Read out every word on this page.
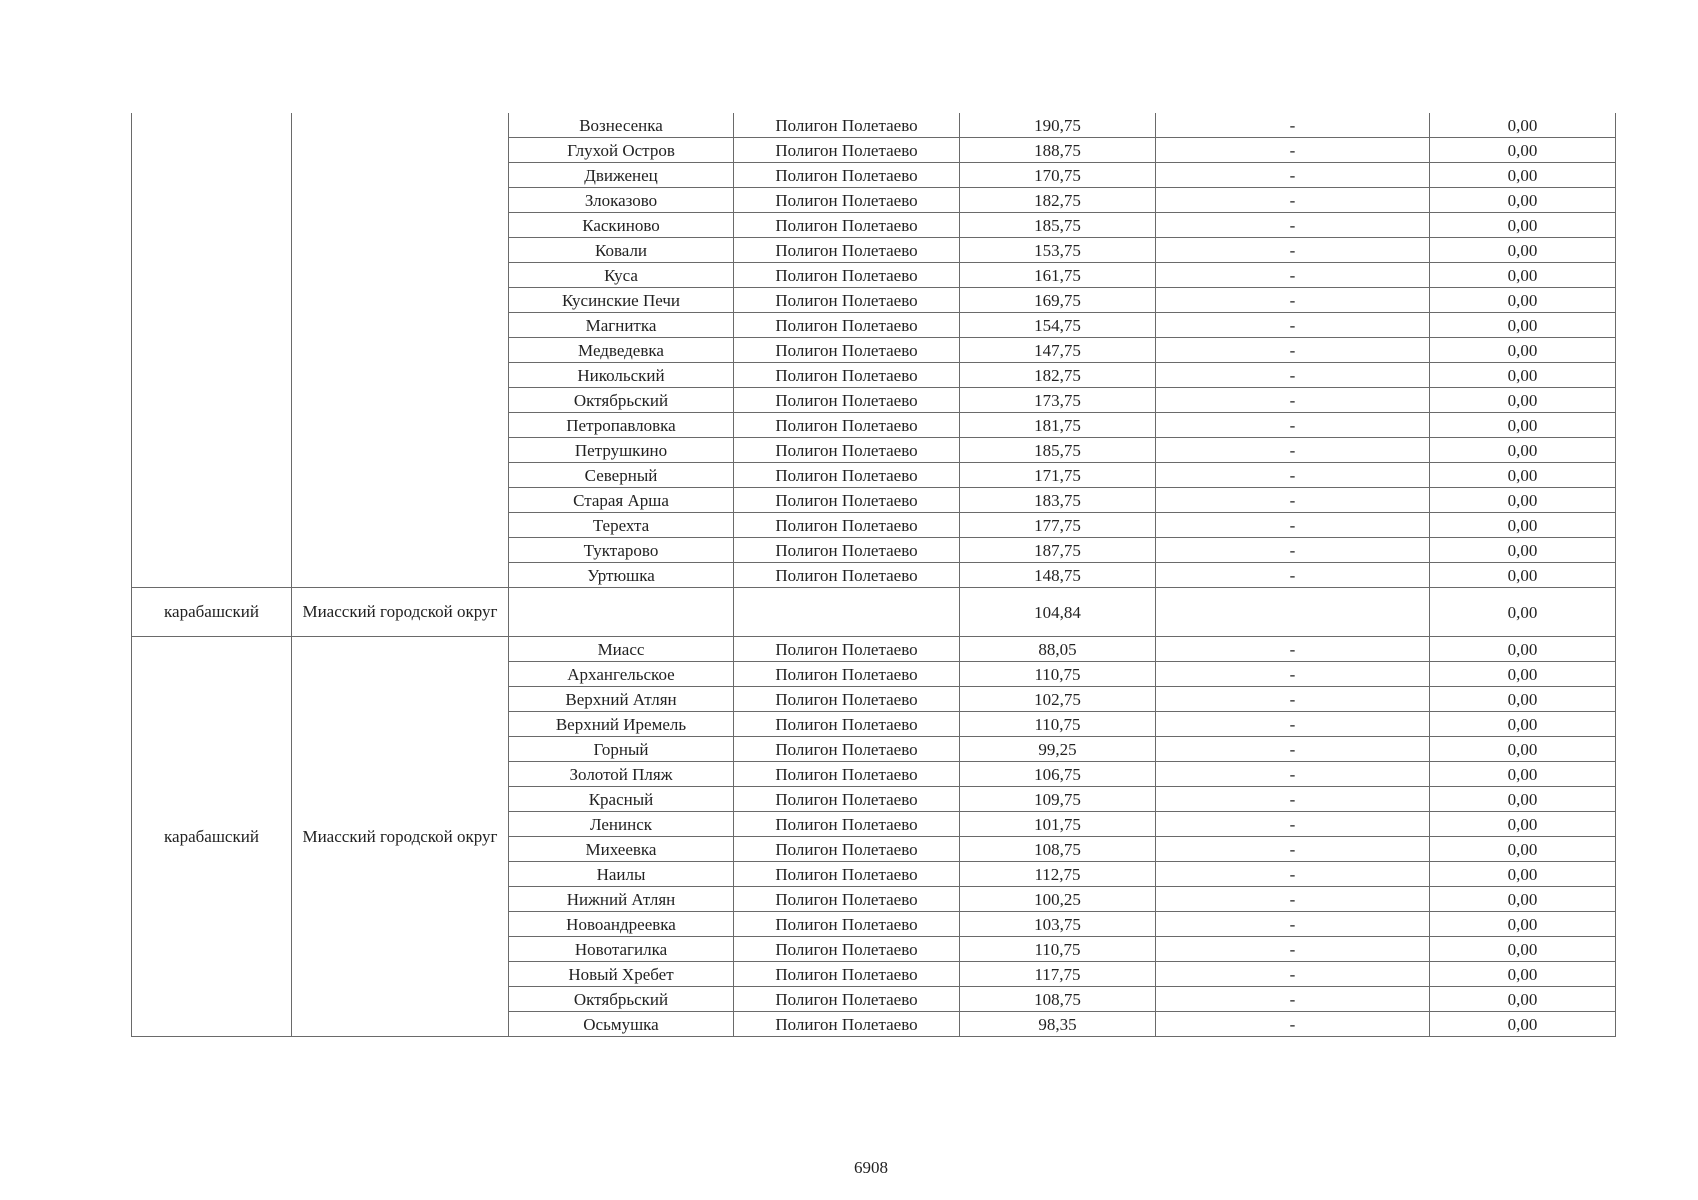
		Вознесенка	Полигон Полетаево	190,75	-	0,00
		Глухой Остров	Полигон Полетаево	188,75	-	0,00
		Движенец	Полигон Полетаево	170,75	-	0,00
		Злоказово	Полигон Полетаево	182,75	-	0,00
		Каскиново	Полигон Полетаево	185,75	-	0,00
		Ковали	Полигон Полетаево	153,75	-	0,00
		Куса	Полигон Полетаево	161,75	-	0,00
		Кусинские Печи	Полигон Полетаево	169,75	-	0,00
		Магнитка	Полигон Полетаево	154,75	-	0,00
		Медведевка	Полигон Полетаево	147,75	-	0,00
		Никольский	Полигон Полетаево	182,75	-	0,00
		Октябрьский	Полигон Полетаево	173,75	-	0,00
		Петропавловка	Полигон Полетаево	181,75	-	0,00
		Петрушкино	Полигон Полетаево	185,75	-	0,00
		Северный	Полигон Полетаево	171,75	-	0,00
		Старая Арша	Полигон Полетаево	183,75	-	0,00
		Терехта	Полигон Полетаево	177,75	-	0,00
		Туктарово	Полигон Полетаево	187,75	-	0,00
		Уртюшка	Полигон Полетаево	148,75	-	0,00
карабашский	Миасский городской округ			104,84		0,00
карабашский	Миасский городской округ	Миасс	Полигон Полетаево	88,05	-	0,00
		Архангельское	Полигон Полетаево	110,75	-	0,00
		Верхний Атлян	Полигон Полетаево	102,75	-	0,00
		Верхний Иремель	Полигон Полетаево	110,75	-	0,00
		Горный	Полигон Полетаево	99,25	-	0,00
		Золотой Пляж	Полигон Полетаево	106,75	-	0,00
		Красный	Полигон Полетаево	109,75	-	0,00
		Ленинск	Полигон Полетаево	101,75	-	0,00
		Михеевка	Полигон Полетаево	108,75	-	0,00
		Наилы	Полигон Полетаево	112,75	-	0,00
		Нижний Атлян	Полигон Полетаево	100,25	-	0,00
		Новоандреевка	Полигон Полетаево	103,75	-	0,00
		Новотагилка	Полигон Полетаево	110,75	-	0,00
		Новый Хребет	Полигон Полетаево	117,75	-	0,00
		Октябрьский	Полигон Полетаево	108,75	-	0,00
		Осьмушка	Полигон Полетаево	98,35	-	0,00
6908
